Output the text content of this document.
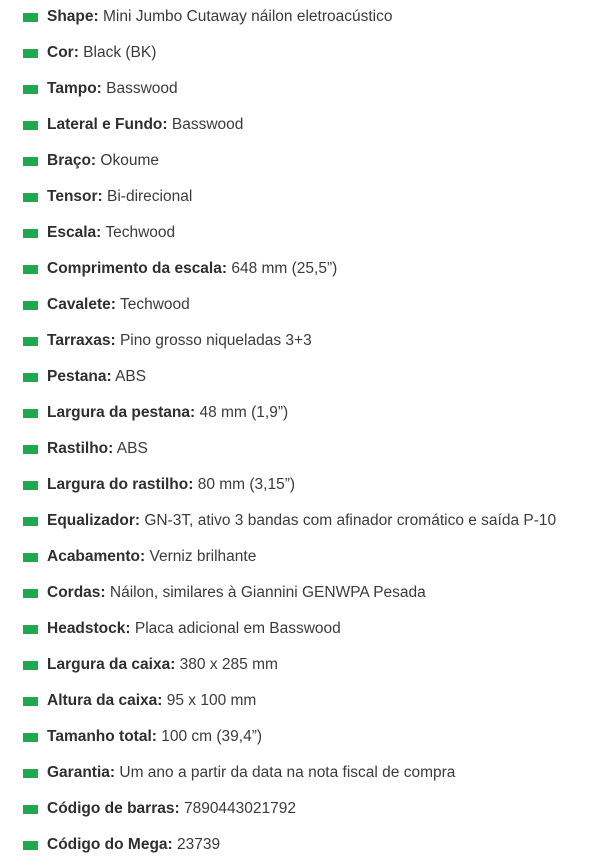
Shape: Mini Jumbo Cutaway náilon eletroacústico
Cor: Black (BK)
Tampo: Basswood
Lateral e Fundo: Basswood
Braço: Okoume
Tensor: Bi-direcional
Escala: Techwood
Comprimento da escala: 648 mm (25,5”)
Cavalete: Techwood
Tarraxas: Pino grosso niqueladas 3+3
Pestana: ABS
Largura da pestana: 48 mm (1,9”)
Rastilho: ABS
Largura do rastilho: 80 mm (3,15”)
Equalizador: GN-3T, ativo 3 bandas com afinador cromático e saída P-10
Acabamento: Verniz brilhante
Cordas: Náilon, similares à Giannini GENWPA Pesada
Headstock: Placa adicional em Basswood
Largura da caixa: 380 x 285 mm
Altura da caixa: 95 x 100 mm
Tamanho total: 100 cm (39,4”)
Garantia: Um ano a partir da data na nota fiscal de compra
Código de barras: 7890443021792
Código do Mega: 23739
